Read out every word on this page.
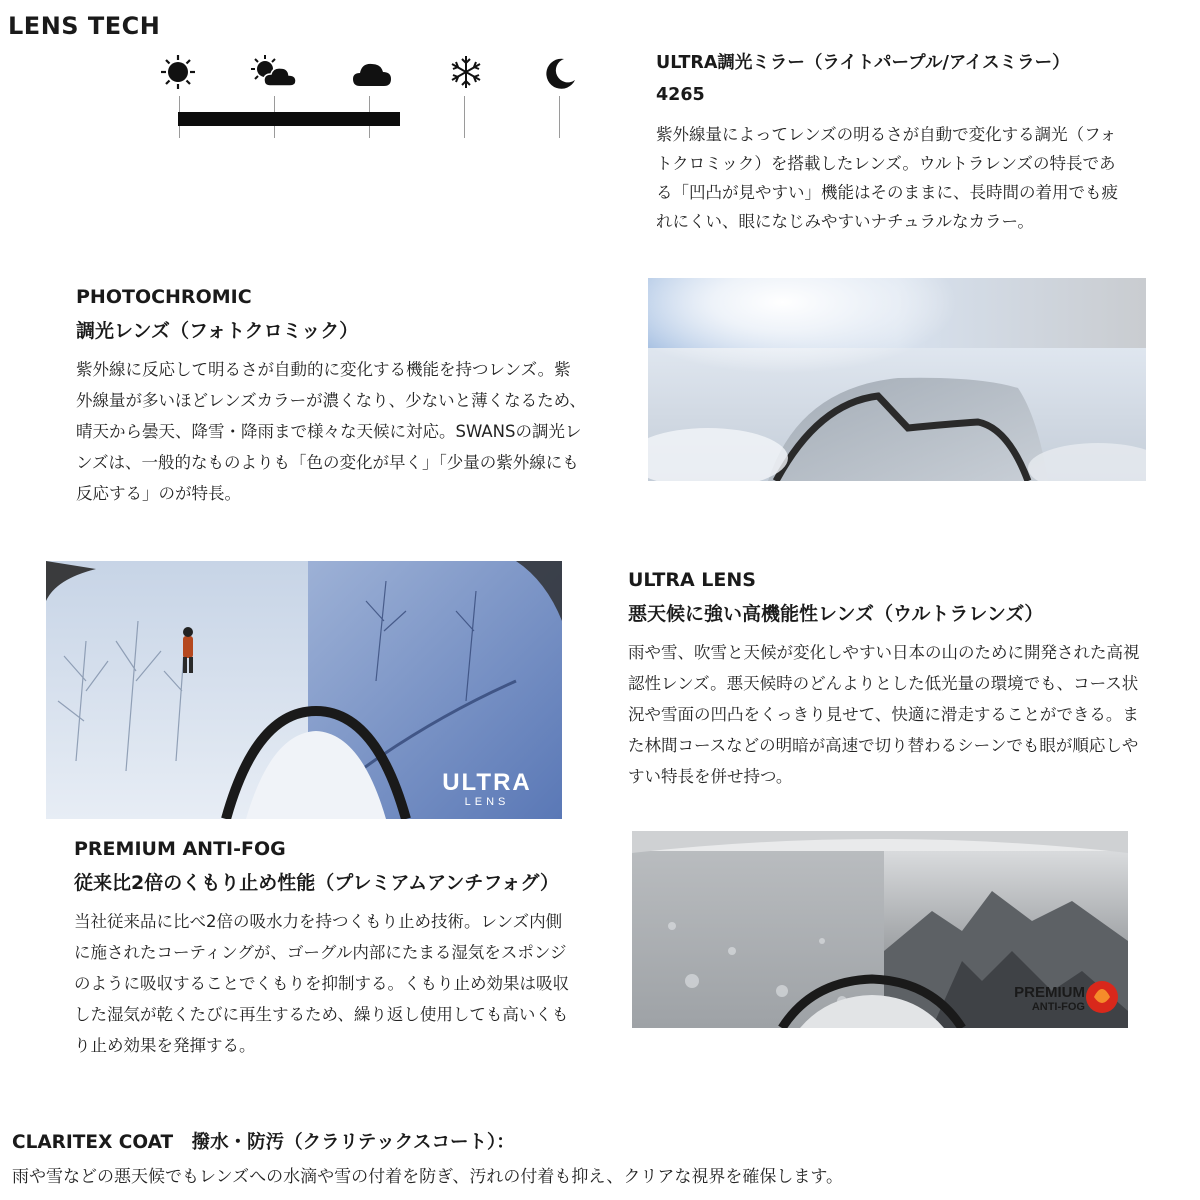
LENS TECH
ULTRA調光ミラー（ライトパープル/アイスミラー）
4265

紫外線量によってレンズの明るさが自動で変化する調光（フォトクロミック）を搭載したレンズ。ウルトラレンズの特長である「凹凸が見やすい」機能はそのままに、長時間の着用でも疲れにくい、眼になじみやすいナチュラルなカラー。

PHOTOCHROMIC
調光レンズ（フォトクロミック）

紫外線に反応して明るさが自動的に変化する機能を持つレンズ。紫外線量が多いほどレンズカラーが濃くなり、少ないと薄くなるため、晴天から曇天、降雪・降雨まで様々な天候に対応。SWANSの調光レンズは、一般的なものよりも「色の変化が早く」「少量の紫外線にも反応する」のが特長。

ULTRA
LENS
ULTRA LENS
悪天候に強い高機能性レンズ（ウルトラレンズ）

雨や雪、吹雪と天候が変化しやすい日本の山のために開発された高視認性レンズ。悪天候時のどんよりとした低光量の環境でも、コース状況や雪面の凹凸をくっきり見せて、快適に滑走することができる。また林間コースなどの明暗が高速で切り替わるシーンでも眼が順応しやすい特長を併せ持つ。

PREMIUM ANTI-FOG
従来比2倍のくもり止め性能（プレミアムアンチフォグ）

当社従来品に比べ2倍の吸水力を持つくもり止め技術。レンズ内側に施されたコーティングが、ゴーグル内部にたまる湿気をスポンジのように吸収することでくもりを抑制する。くもり止め効果は吸収した湿気が乾くたびに再生するため、繰り返し使用しても高いくもり止め効果を発揮する。

PREMIUM
ANTI-FOG
CLARITEX COAT　撥水・防汚（クラリテックスコート）：
雨や雪などの悪天候でもレンズへの水滴や雪の付着を防ぎ、汚れの付着も抑え、クリアな視界を確保します。
